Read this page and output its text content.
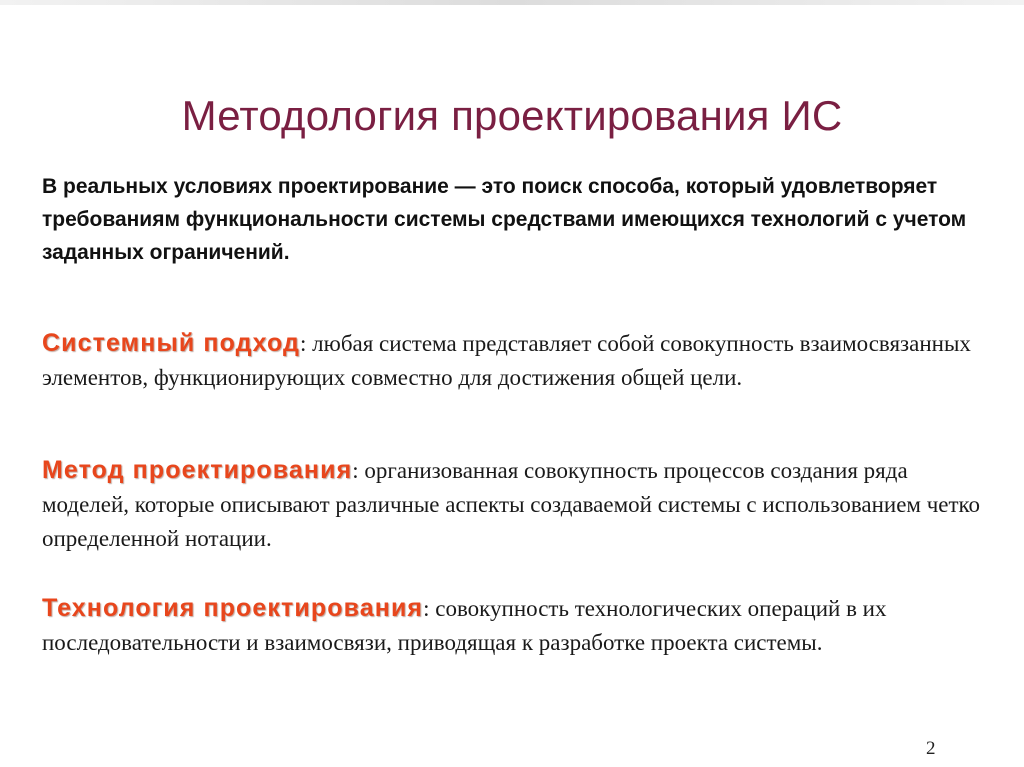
Методология проектирования ИС

В реальных условиях проектирование — это поиск способа, который удовлетворяет требованиям функциональности системы средствами имеющихся технологий с учетом заданных ограничений.

Системный подход: любая система представляет собой совокупность взаимосвязанных элементов, функционирующих совместно для достижения общей цели.

Метод проектирования: организованная совокупность процессов создания ряда моделей, которые описывают различные аспекты создаваемой системы с использованием четко определенной нотации.

Технология проектирования: совокупность технологических операций в их последовательности и взаимосвязи, приводящая к разработке проекта системы.

2
